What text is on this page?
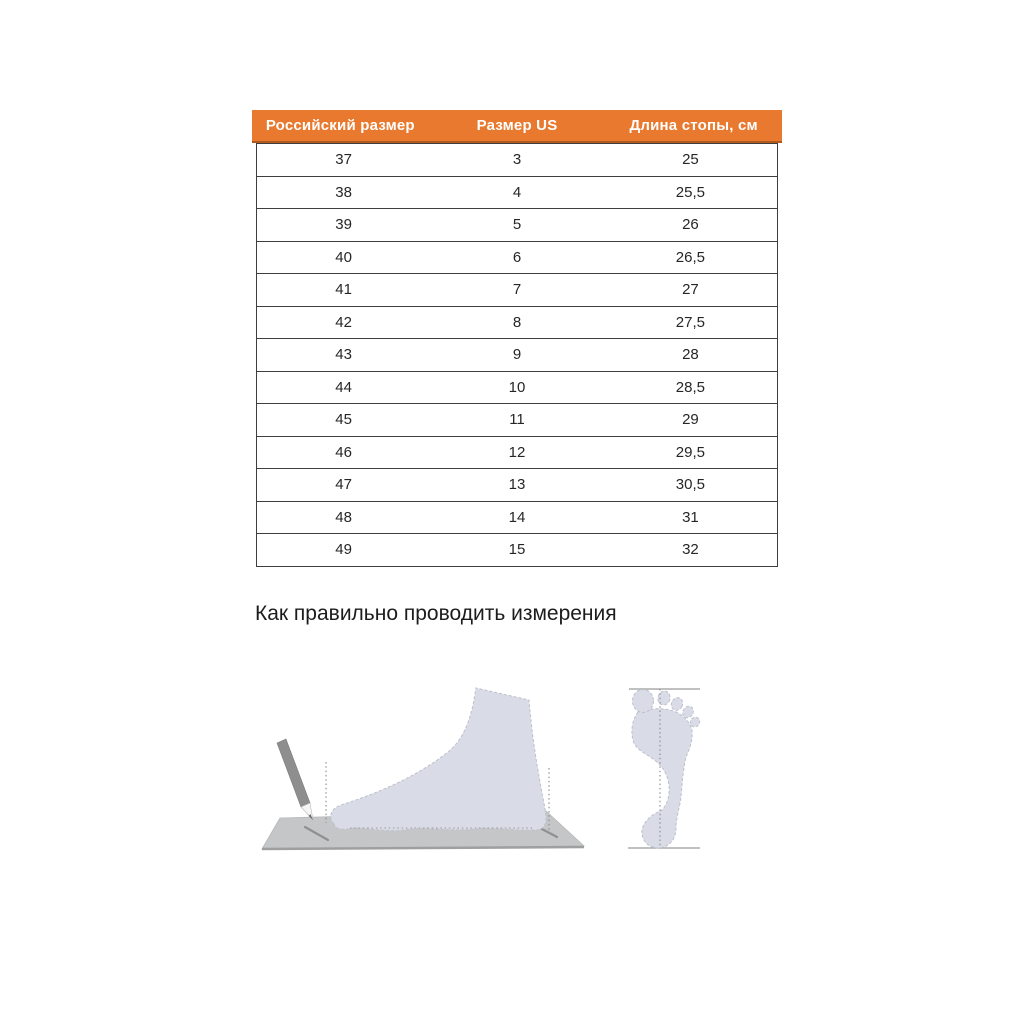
Российский размер	Размер US	Длина стопы, см
37	3	25
38	4	25,5
39	5	26
40	6	26,5
41	7	27
42	8	27,5
43	9	28
44	10	28,5
45	11	29
46	12	29,5
47	13	30,5
48	14	31
49	15	32
Как правильно проводить измерения
